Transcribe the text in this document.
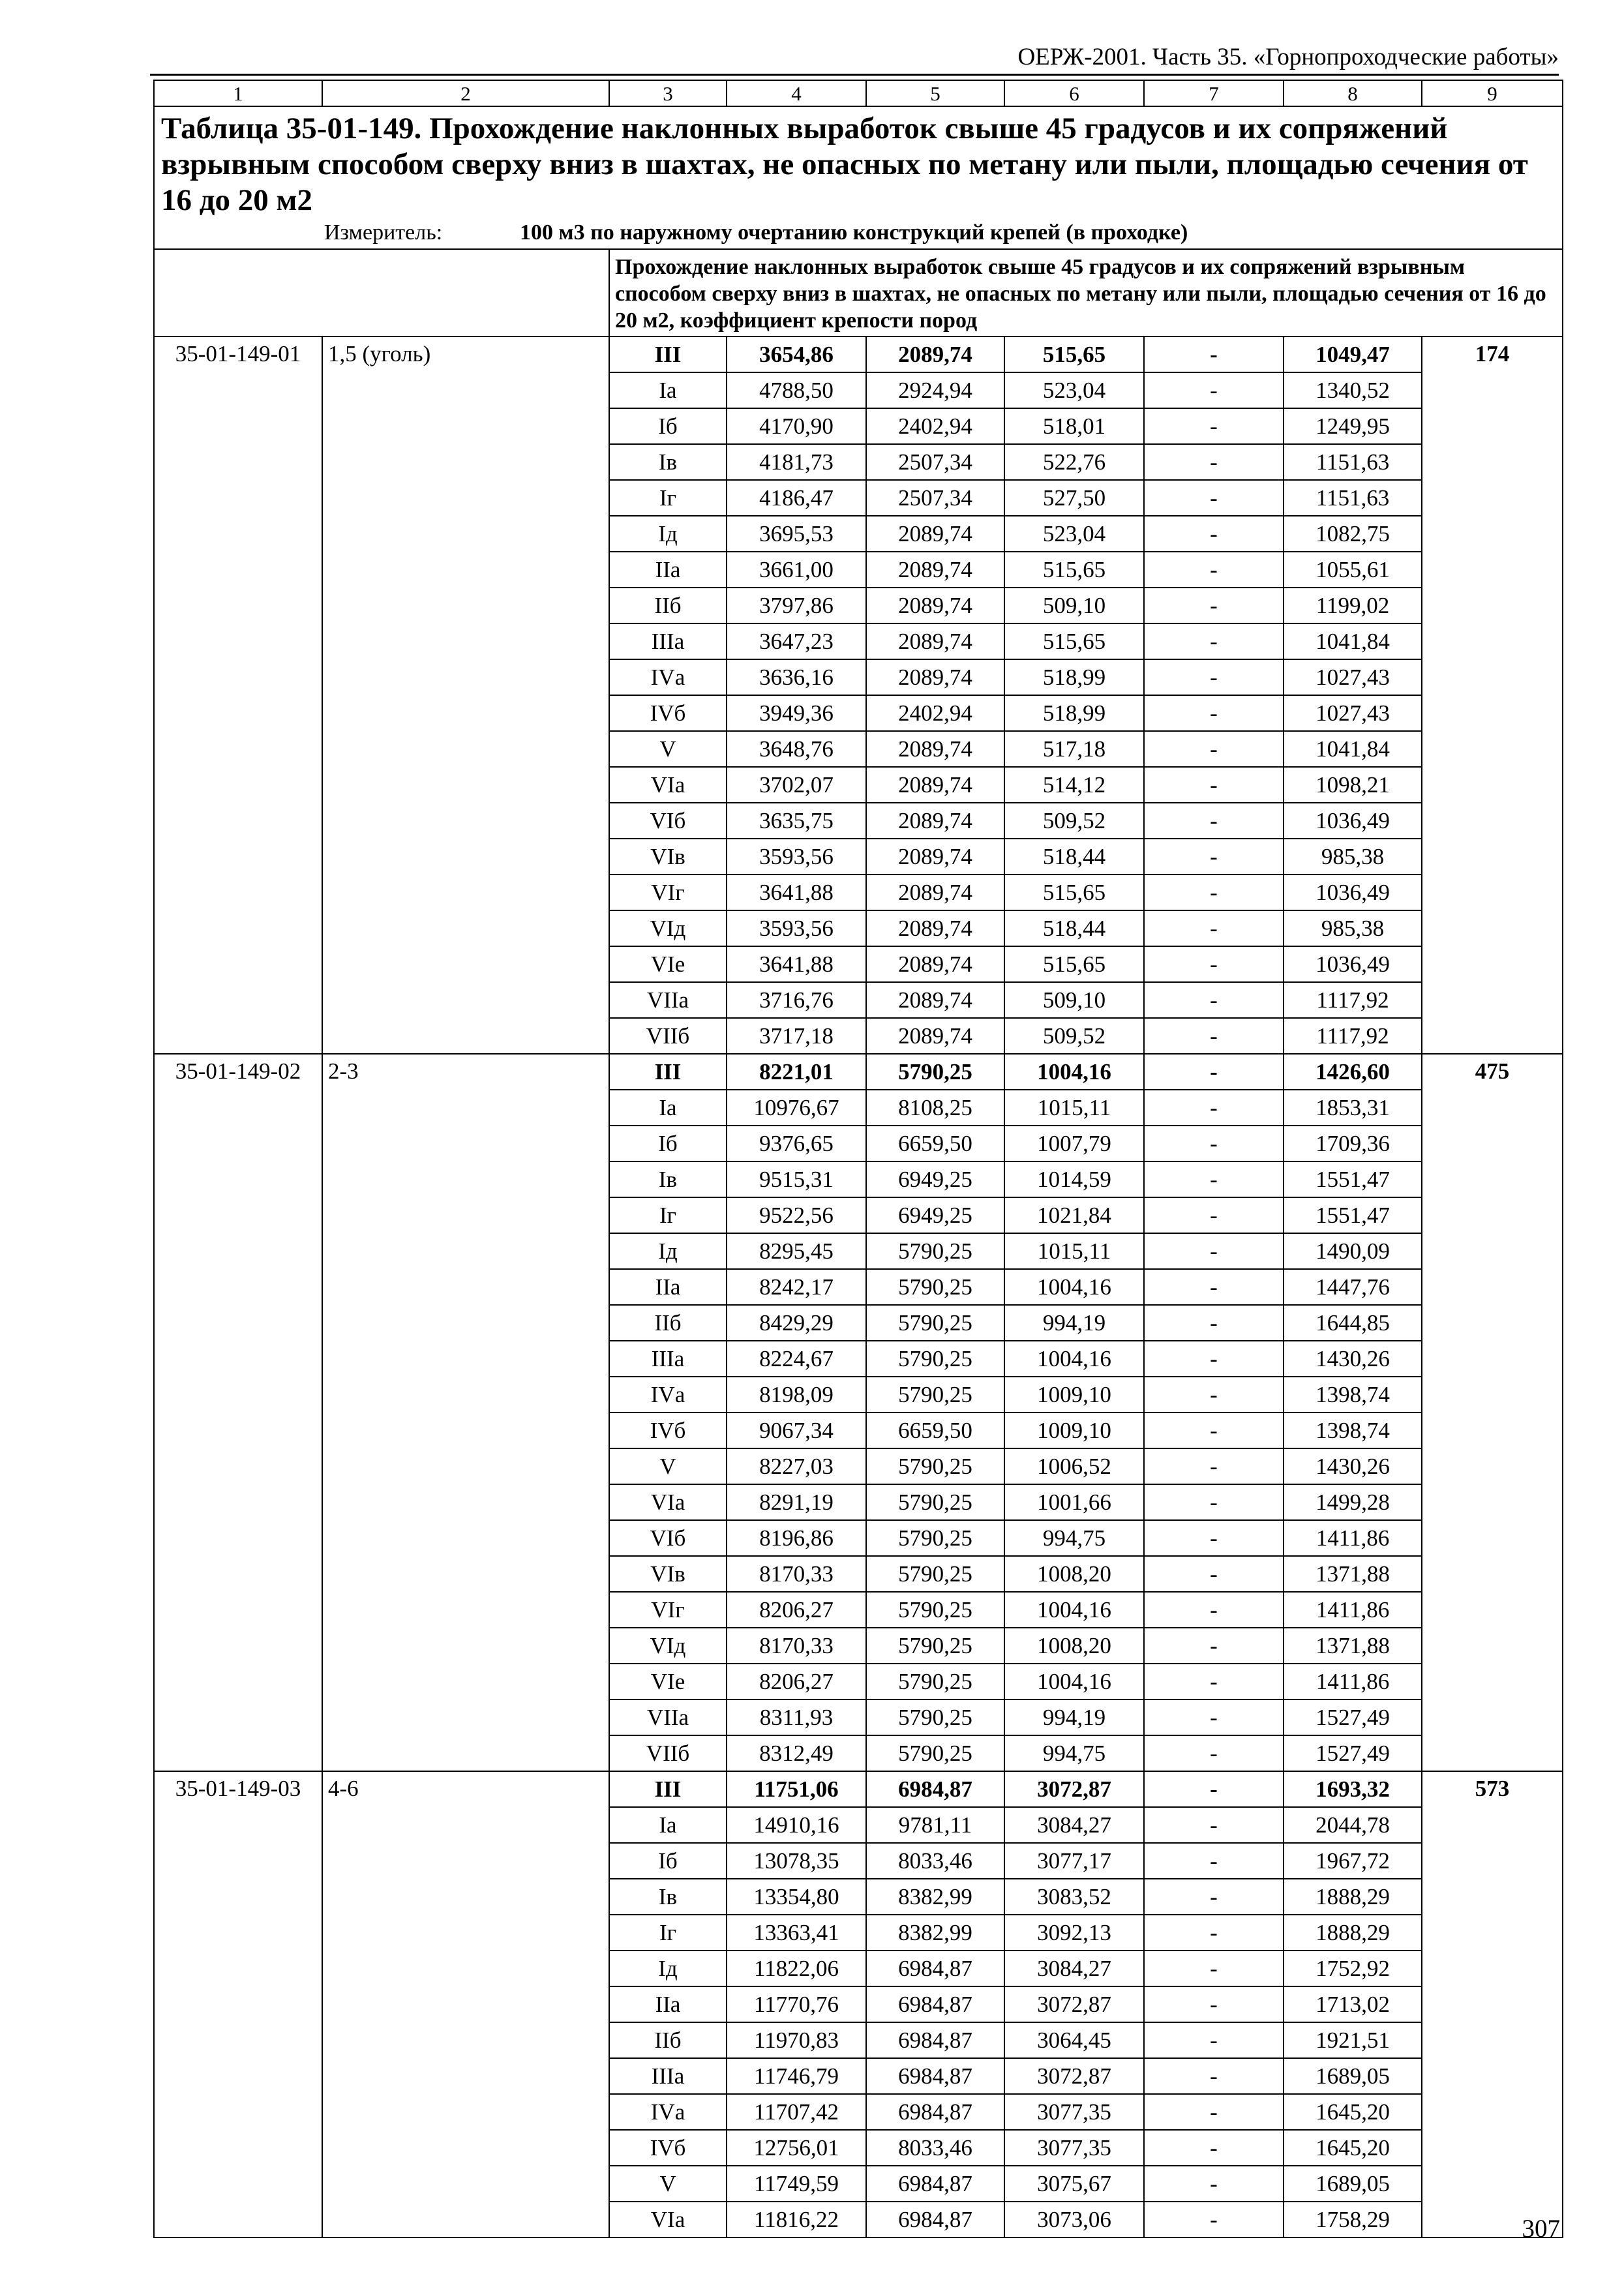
ОЕРЖ-2001. Часть 35. «Горнопроходческие работы»
1	2	3	4	5	6	7	8	9

Таблица 35-01-149. Прохождение наклонных выработок свыше 45 градусов и их сопряжений взрывным способом сверху вниз в шахтах, не опасных по метану или пыли, площадью сечения от 16 до 20 м2
Измеритель: 100 м3 по наружному очертанию конструкций крепей (в проходке)								

		Прохождение наклонных выработок свыше 45 градусов и их сопряжений взрывным способом сверху вниз в шахтах, не опасных по метану или пыли, площадью сечения от 16 до 20 м2, коэффициент крепости пород						
35-01-149-01	1,5 (уголь)	III	3654,86	2089,74	515,65	-	1049,47	174
		Iа	4788,50	2924,94	523,04	-	1340,52	
		Iб	4170,90	2402,94	518,01	-	1249,95	
		Iв	4181,73	2507,34	522,76	-	1151,63	
		Iг	4186,47	2507,34	527,50	-	1151,63	
		Iд	3695,53	2089,74	523,04	-	1082,75	
		IIа	3661,00	2089,74	515,65	-	1055,61	
		IIб	3797,86	2089,74	509,10	-	1199,02	
		IIIа	3647,23	2089,74	515,65	-	1041,84	
		IVа	3636,16	2089,74	518,99	-	1027,43	
		IVб	3949,36	2402,94	518,99	-	1027,43	
		V	3648,76	2089,74	517,18	-	1041,84	
		VIа	3702,07	2089,74	514,12	-	1098,21	
		VIб	3635,75	2089,74	509,52	-	1036,49	
		VIв	3593,56	2089,74	518,44	-	985,38	
		VIг	3641,88	2089,74	515,65	-	1036,49	
		VIд	3593,56	2089,74	518,44	-	985,38	
		VIе	3641,88	2089,74	515,65	-	1036,49	
		VIIа	3716,76	2089,74	509,10	-	1117,92	
		VIIб	3717,18	2089,74	509,52	-	1117,92	
35-01-149-02	2-3	III	8221,01	5790,25	1004,16	-	1426,60	475
		Iа	10976,67	8108,25	1015,11	-	1853,31	
		Iб	9376,65	6659,50	1007,79	-	1709,36	
		Iв	9515,31	6949,25	1014,59	-	1551,47	
		Iг	9522,56	6949,25	1021,84	-	1551,47	
		Iд	8295,45	5790,25	1015,11	-	1490,09	
		IIа	8242,17	5790,25	1004,16	-	1447,76	
		IIб	8429,29	5790,25	994,19	-	1644,85	
		IIIа	8224,67	5790,25	1004,16	-	1430,26	
		IVа	8198,09	5790,25	1009,10	-	1398,74	
		IVб	9067,34	6659,50	1009,10	-	1398,74	
		V	8227,03	5790,25	1006,52	-	1430,26	
		VIа	8291,19	5790,25	1001,66	-	1499,28	
		VIб	8196,86	5790,25	994,75	-	1411,86	
		VIв	8170,33	5790,25	1008,20	-	1371,88	
		VIг	8206,27	5790,25	1004,16	-	1411,86	
		VIд	8170,33	5790,25	1008,20	-	1371,88	
		VIе	8206,27	5790,25	1004,16	-	1411,86	
		VIIа	8311,93	5790,25	994,19	-	1527,49	
		VIIб	8312,49	5790,25	994,75	-	1527,49	
35-01-149-03	4-6	III	11751,06	6984,87	3072,87	-	1693,32	573
		Iа	14910,16	9781,11	3084,27	-	2044,78	
		Iб	13078,35	8033,46	3077,17	-	1967,72	
		Iв	13354,80	8382,99	3083,52	-	1888,29	
		Iг	13363,41	8382,99	3092,13	-	1888,29	
		Iд	11822,06	6984,87	3084,27	-	1752,92	
		IIа	11770,76	6984,87	3072,87	-	1713,02	
		IIб	11970,83	6984,87	3064,45	-	1921,51	
		IIIа	11746,79	6984,87	3072,87	-	1689,05	
		IVа	11707,42	6984,87	3077,35	-	1645,20	
		IVб	12756,01	8033,46	3077,35	-	1645,20	
		V	11749,59	6984,87	3075,67	-	1689,05	
		VIа	11816,22	6984,87	3073,06	-	1758,29		307
